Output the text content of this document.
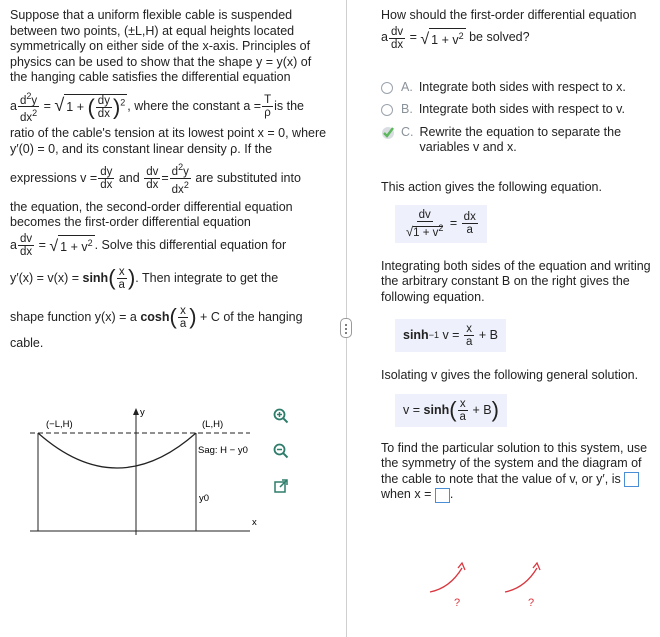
Suppose that a uniform flexible cable is suspended between two points, (±L,H) at equal heights located symmetrically on either side of the x-axis. Principles of physics can be used to show that the shape y = y(x) of the hanging cable satisfies the differential equation
a $\frac{d^2y}{dx^2}$ = √ 1 + ( $\frac{dy}{dx} )^2$ , where the constant $a = \frac{T}{\rho}$ is the
ratio of the cable's tension at its lowest point x = 0, where y′(0) = 0, and its constant linear density ρ. If the
expressions $v = \frac{dy}{dx}$
and
$\frac{dv}{dx} = \frac{d^2y}{dx^2}$
are substituted into
the equation, the second-order differential equation becomes the first-order differential equation
a $\frac{dv}{dx}$ = √ $1 + v^2$ . Solve this differential equation for
y′(x) = v(x) =
sinh ( $\frac{x}{a}$ ) . Then integrate to get the
shape function y(x) =
a cosh ( $\frac{x}{a}$ )
+ C of the hanging
cable.
(−L,H)	(L,H)
y
x
Sag: H − y0
y0
How should the first-order differential equation
a $\frac{dv}{dx}$ = √ $1 + v^2$
be solved?
A. Integrate both sides with respect to x.
B. Integrate both sides with respect to v.
C. Rewrite the equation to separate the variables v and x.
This action gives the following equation.
$\frac{dv}{√1 + v^2} = \frac{dx}{a}$
Integrating both sides of the equation and writing the arbitrary constant B on the right gives the following equation.
sinh −1 $v = \frac{x}{a}$
+ B
Isolating v gives the following general solution.
v =
sinh ( $\frac{x}{a}$
+ B )
To find the particular solution to this system, use the symmetry of the system and the diagram of the cable to note that the value of v, or y′, is  when x = .
?	?
